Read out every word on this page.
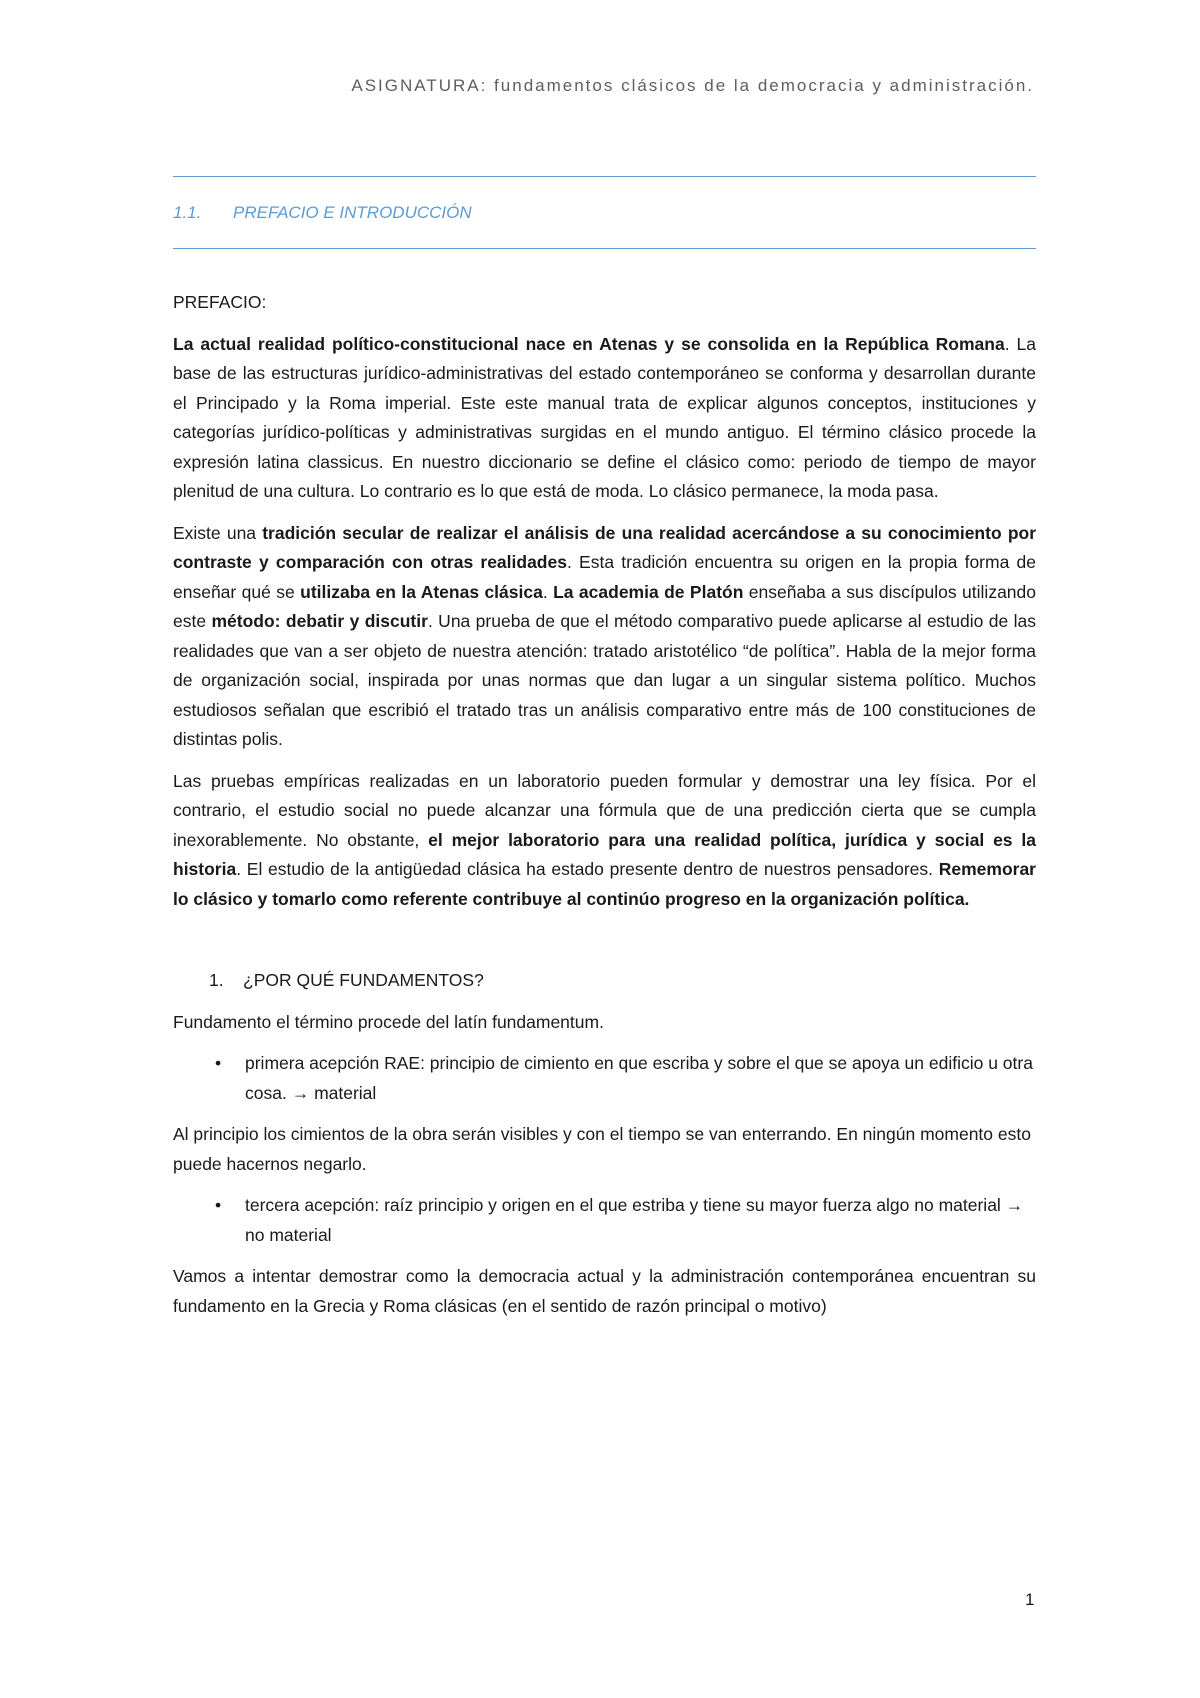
ASIGNATURA: fundamentos clásicos de la democracia y administración.
1.1. PREFACIO E INTRODUCCIÓN

PREFACIO:

La actual realidad político-constitucional nace en Atenas y se consolida en la República Romana. La base de las estructuras jurídico-administrativas del estado contemporáneo se conforma y desarrollan durante el Principado y la Roma imperial. Este este manual trata de explicar algunos conceptos, instituciones y categorías jurídico-políticas y administrativas surgidas en el mundo antiguo. El término clásico procede la expresión latina classicus. En nuestro diccionario se define el clásico como: periodo de tiempo de mayor plenitud de una cultura. Lo contrario es lo que está de moda. Lo clásico permanece, la moda pasa.

Existe una tradición secular de realizar el análisis de una realidad acercándose a su conocimiento por contraste y comparación con otras realidades. Esta tradición encuentra su origen en la propia forma de enseñar qué se utilizaba en la Atenas clásica. La academia de Platón enseñaba a sus discípulos utilizando este método: debatir y discutir. Una prueba de que el método comparativo puede aplicarse al estudio de las realidades que van a ser objeto de nuestra atención: tratado aristotélico “de política”. Habla de la mejor forma de organización social, inspirada por unas normas que dan lugar a un singular sistema político. Muchos estudiosos señalan que escribió el tratado tras un análisis comparativo entre más de 100 constituciones de distintas polis.

Las pruebas empíricas realizadas en un laboratorio pueden formular y demostrar una ley física. Por el contrario, el estudio social no puede alcanzar una fórmula que de una predicción cierta que se cumpla inexorablemente. No obstante, el mejor laboratorio para una realidad política, jurídica y social es la historia. El estudio de la antigüedad clásica ha estado presente dentro de nuestros pensadores. Rememorar lo clásico y tomarlo como referente contribuye al continúo progreso en la organización política.

1.	¿POR QUÉ FUNDAMENTOS?

Fundamento el término procede del latín fundamentum.

• primera acepción RAE: principio de cimiento en que escriba y sobre el que se apoya un edificio u otra cosa. → material

Al principio los cimientos de la obra serán visibles y con el tiempo se van enterrando. En ningún momento esto puede hacernos negarlo.

• tercera acepción: raíz principio y origen en el que estriba y tiene su mayor fuerza algo no material → no material

Vamos a intentar demostrar como la democracia actual y la administración contemporánea encuentran su fundamento en la Grecia y Roma clásicas (en el sentido de razón principal o motivo)

1
